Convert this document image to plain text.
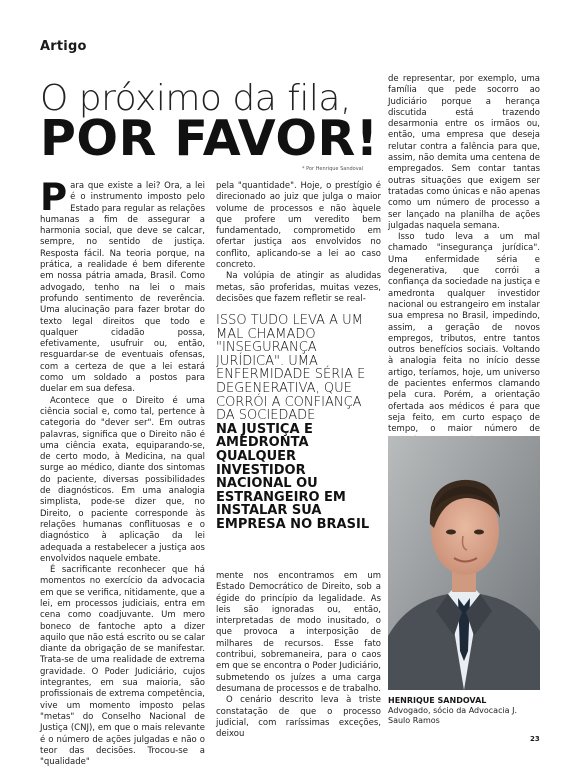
Artigo
O próximo da fila,
POR FAVOR!
* Por Henrique Sandoval

Para que existe a lei? Ora, a lei é o instrumento imposto pelo Estado para regular as relações humanas a fim de assegurar a harmonia social, que deve se calcar, sempre, no sentido de justiça. Resposta fácil. Na teoria porque, na prática, a realidade é bem diferente em nossa pátria amada, Brasil. Como advogado, tenho na lei o mais profundo sentimento de reverência. Uma alucinação para fazer brotar do texto legal direitos que todo e qualquer cidadão possa, efetivamente, usufruir ou, então, resguardar-se de eventuais ofensas, com a certeza de que a lei estará como um soldado a postos para duelar em sua defesa.

Acontece que o Direito é uma ciência social e, como tal, pertence à categoria do "dever ser". Em outras palavras, significa que o Direito não é uma ciência exata, equiparando-se, de certo modo, à Medicina, na qual surge ao médico, diante dos sintomas do paciente, diversas possibilidades de diagnósticos. Em uma analogia simplista, pode-se dizer que, no Direito, o paciente corresponde às relações humanas conflituosas e o diagnóstico à aplicação da lei adequada a restabelecer a justiça aos envolvidos naquele embate.

É sacrificante reconhecer que há momentos no exercício da advocacia em que se verifica, nitidamente, que a lei, em processos judiciais, entra em cena como coadjuvante. Um mero boneco de fantoche apto a dizer aquilo que não está escrito ou se calar diante da obrigação de se manifestar. Trata-se de uma realidade de extrema gravidade. O Poder Judiciário, cujos integrantes, em sua maioria, são profissionais de extrema competência, vive um momento imposto pelas "metas" do Conselho Nacional de Justiça (CNJ), em que o mais relevante é o número de ações julgadas e não o teor das decisões. Trocou-se a "qualidade"

pela "quantidade". Hoje, o prestígio é direcionado ao juiz que julga o maior volume de processos e não àquele que profere um veredito bem fundamentado, comprometido em ofertar justiça aos envolvidos no conflito, aplicando-se a lei ao caso concreto.

Na volúpia de atingir as aludidas metas, são proferidas, muitas vezes, decisões que fazem refletir se real-

ISSO TUDO LEVA A UM MAL CHAMADO "INSEGURANÇA JURÍDICA". UMA ENFERMIDADE SÉRIA E DEGENERATIVA, QUE CORRÓI A CONFIANÇA DA SOCIEDADE
NA JUSTIÇA E AMEDRONTA QUALQUER INVESTIDOR NACIONAL OU ESTRANGEIRO EM INSTALAR SUA EMPRESA NO BRASIL

mente nos encontramos em um Estado Democrático de Direito, sob a égide do princípio da legalidade. As leis são ignoradas ou, então, interpretadas de modo inusitado, o que provoca a interposição de milhares de recursos. Esse fato contribui, sobremaneira, para o caos em que se encontra o Poder Judiciário, submetendo os juízes a uma carga desumana de processos e de trabalho.

O cenário descrito leva à triste constatação de que o processo judicial, com raríssimas exceções, deixou

de representar, por exemplo, uma família que pede socorro ao Judiciário porque a herança discutida está trazendo desarmonia entre os irmãos ou, então, uma empresa que deseja relutar contra a falência para que, assim, não demita uma centena de empregados. Sem contar tantas outras situações que exigem ser tratadas como únicas e não apenas como um número de processo a ser lançado na planilha de ações julgadas naquela semana.

Isso tudo leva a um mal chamado "insegurança jurídica". Uma enfermidade séria e degenerativa, que corrói a confiança da sociedade na justiça e amedronta qualquer investidor nacional ou estrangeiro em instalar sua empresa no Brasil, impedindo, assim, a geração de novos empregos, tributos, entre tantos outros benefícios sociais. Voltando à analogia feita no início desse artigo, teríamos, hoje, um universo de pacientes enfermos clamando pela cura. Porém, a orientação ofertada aos médicos é para que seja feito, em curto espaço de tempo, o maior número de

HENRIQUE SANDOVAL
Advogado, sócio da Advocacia J. Saulo Ramos
23
